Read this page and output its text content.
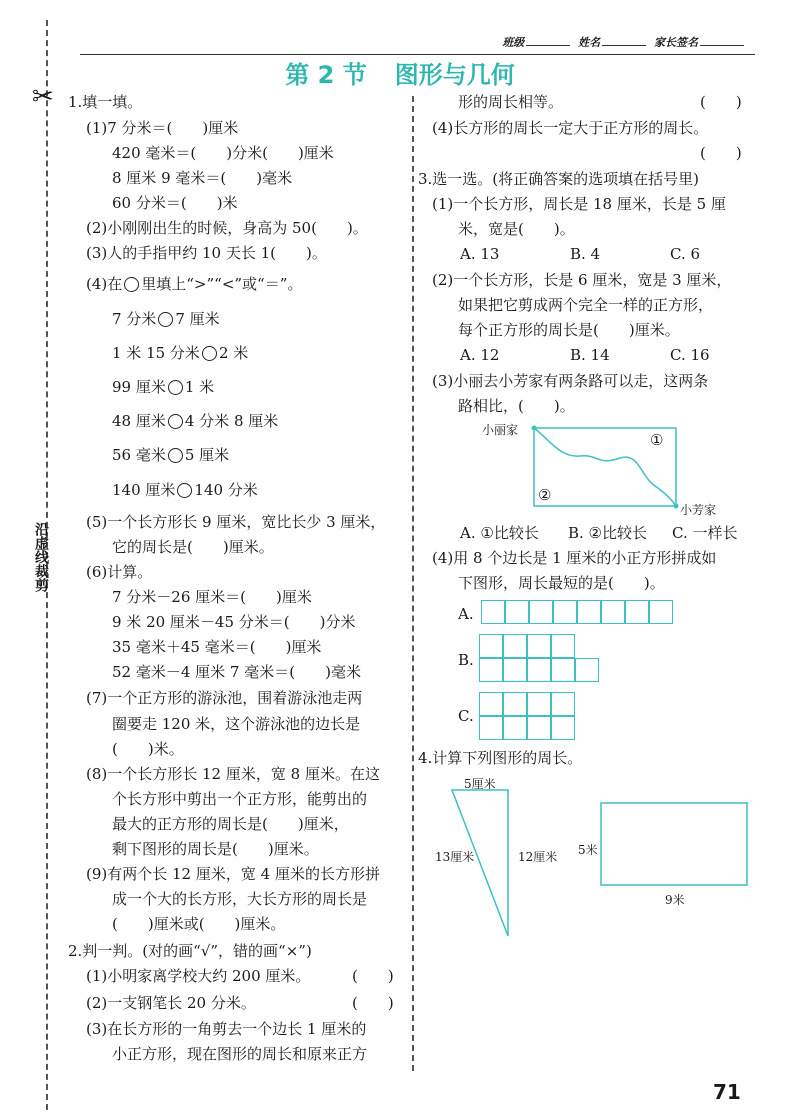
班级	姓名	家长签名
第 2 节 图形与几何
✂
沿虚线裁剪
1.填一填。
(1)7 分米＝(　　)厘米
420 毫米＝(　　)分米(　　)厘米
8 厘米 9 毫米＝(　　)毫米
60 分米＝(　　)米
(2)小刚刚出生的时候，身高为 50(　　)。
(3)人的手指甲约 10 天长 1(　　)。
(4)在 里填上“>”“<”或“＝”。
7 分米 7 厘米
1 米 15 分米 2 米
99 厘米 1 米
48 厘米 4 分米 8 厘米
56 毫米 5 厘米
140 厘米 140 分米
(5)一个长方形长 9 厘米，宽比长少 3 厘米，
它的周长是(　　)厘米。
(6)计算。
7 分米－26 厘米＝(　　)厘米
9 米 20 厘米－45 分米＝(　　)分米
35 毫米＋45 毫米＝(　　)厘米
52 毫米－4 厘米 7 毫米＝(　　)毫米
(7)一个正方形的游泳池，围着游泳池走两
圈要走 120 米，这个游泳池的边长是
(　　)米。
(8)一个长方形长 12 厘米，宽 8 厘米。在这
个长方形中剪出一个正方形，能剪出的
最大的正方形的周长是(　　)厘米，
剩下图形的周长是(　　)厘米。
(9)有两个长 12 厘米，宽 4 厘米的长方形拼
成一个大的长方形，大长方形的周长是
(　　)厘米或(　　)厘米。
2.判一判。(对的画“√”，错的画“×”)
(1)小明家离学校大约 200 厘米。	(　　)
(2)一支钢笔长 20 分米。	(　　)
(3)在长方形的一角剪去一个边长 1 厘米的
小正方形，现在图形的周长和原来正方
形的周长相等。	(　　)
(4)长方形的周长一定大于正方形的周长。
(　　)
3.选一选。(将正确答案的选项填在括号里)
(1)一个长方形，周长是 18 厘米，长是 5 厘
米，宽是(　　)。
A. 13	B. 4	C. 6
(2)一个长方形，长是 6 厘米，宽是 3 厘米，
如果把它剪成两个完全一样的正方形，
每个正方形的周长是(　　)厘米。
A. 12	B. 14	C. 16
(3)小丽去小芳家有两条路可以走，这两条
路相比，(　　)。
小丽家
小芳家
①
②
A. ①比较长 B. ②比较长 C. 一样长
(4)用 8 个边长是 1 厘米的小正方形拼成如
下图形，周长最短的是(　　)。
A.
B.
C.
4.计算下列图形的周长。
5厘米
13厘米	12厘米 5米
9米
71
